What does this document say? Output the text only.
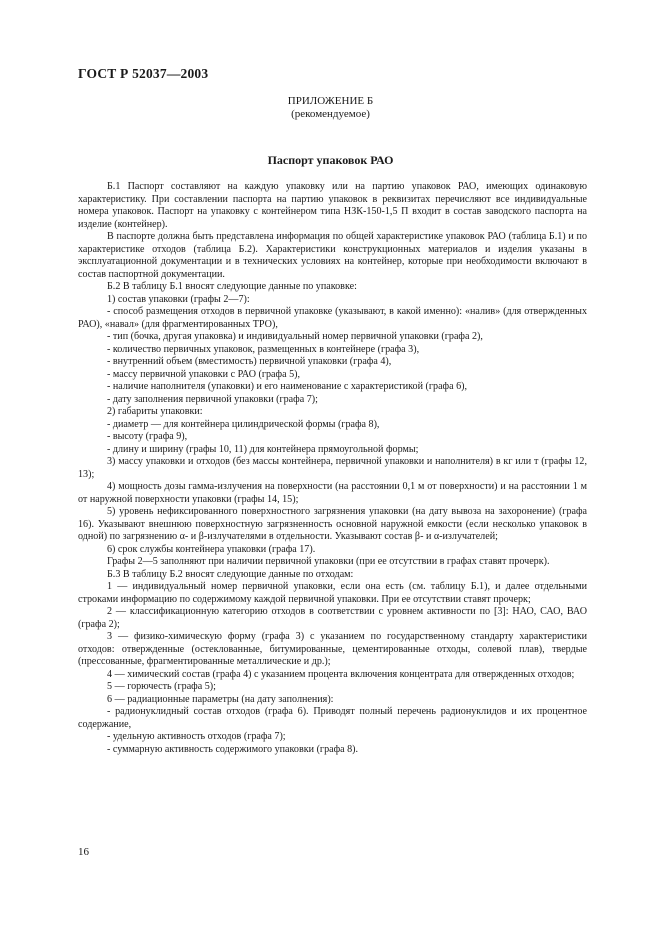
ГОСТ Р 52037—2003
ПРИЛОЖЕНИЕ Б
(рекомендуемое)
Паспорт упаковок РАО

Б.1 Паспорт составляют на каждую упаковку или на партию упаковок РАО, имеющих одинаковую характеристику. При составлении паспорта на партию упаковок в реквизитах перечисляют все индивидуальные номера упаковок. Паспорт на упаковку с контейнером типа НЗК-150-1,5 П входит в состав заводского паспорта на изделие (контейнер).

В паспорте должна быть представлена информация по общей характеристике упаковок РАО (таблица Б.1) и по характеристике отходов (таблица Б.2). Характеристики конструкционных материалов и изделия указаны в эксплуатационной документации и в технических условиях на контейнер, которые при необходимости включают в состав паспортной документации.

Б.2 В таблицу Б.1 вносят следующие данные по упаковке:

1) состав упаковки (графы 2—7):

- способ размещения отходов в первичной упаковке (указывают, в какой именно): «налив» (для отвержденных РАО), «навал» (для фрагментированных ТРО),

- тип (бочка, другая упаковка) и индивидуальный номер первичной упаковки (графа 2),

- количество первичных упаковок, размещенных в контейнере (графа 3),

- внутренний объем (вместимость) первичной упаковки (графа 4),

- массу первичной упаковки с РАО (графа 5),

- наличие наполнителя (упаковки) и его наименование с характеристикой (графа 6),

- дату заполнения первичной упаковки (графа 7);

2) габариты упаковки:

- диаметр — для контейнера цилиндрической формы (графа 8),

- высоту (графа 9),

- длину и ширину (графы 10, 11) для контейнера прямоугольной формы;

3) массу упаковки и отходов (без массы контейнера, первичной упаковки и наполнителя) в кг или т (графы 12, 13);

4) мощность дозы гамма-излучения на поверхности (на расстоянии 0,1 м от поверхности) и на расстоянии 1 м от наружной поверхности упаковки (графы 14, 15);

5) уровень нефиксированного поверхностного загрязнения упаковки (на дату вывоза на захоронение) (графа 16). Указывают внешнюю поверхностную загрязненность основной наружной емкости (если несколько упаковок в одной) по загрязнению α- и β-излучателями в отдельности. Указывают состав β- и α-излучателей;

6) срок службы контейнера упаковки (графа 17).

Графы 2—5 заполняют при наличии первичной упаковки (при ее отсутствии в графах ставят прочерк).

Б.3 В таблицу Б.2 вносят следующие данные по отходам:

1 — индивидуальный номер первичной упаковки, если она есть (см. таблицу Б.1), и далее отдельными строками информацию по содержимому каждой первичной упаковки. При ее отсутствии ставят прочерк;

2 — классификационную категорию отходов в соответствии с уровнем активности по [3]: НАО, САО, ВАО (графа 2);

3 — физико-химическую форму (графа 3) с указанием по государственному стандарту характеристики отходов: отвержденные (остеклованные, битумированные, цементированные отходы, солевой плав), твердые (прессованные, фрагментированные металлические и др.);

4 — химический состав (графа 4) с указанием процента включения концентрата для отвержденных отходов;

5 — горючесть (графа 5);

6 — радиационные параметры (на дату заполнения):

- радионуклидный состав отходов (графа 6). Приводят полный перечень радионуклидов и их процентное содержание,

- удельную активность отходов (графа 7);

- суммарную активность содержимого упаковки (графа 8).

16
